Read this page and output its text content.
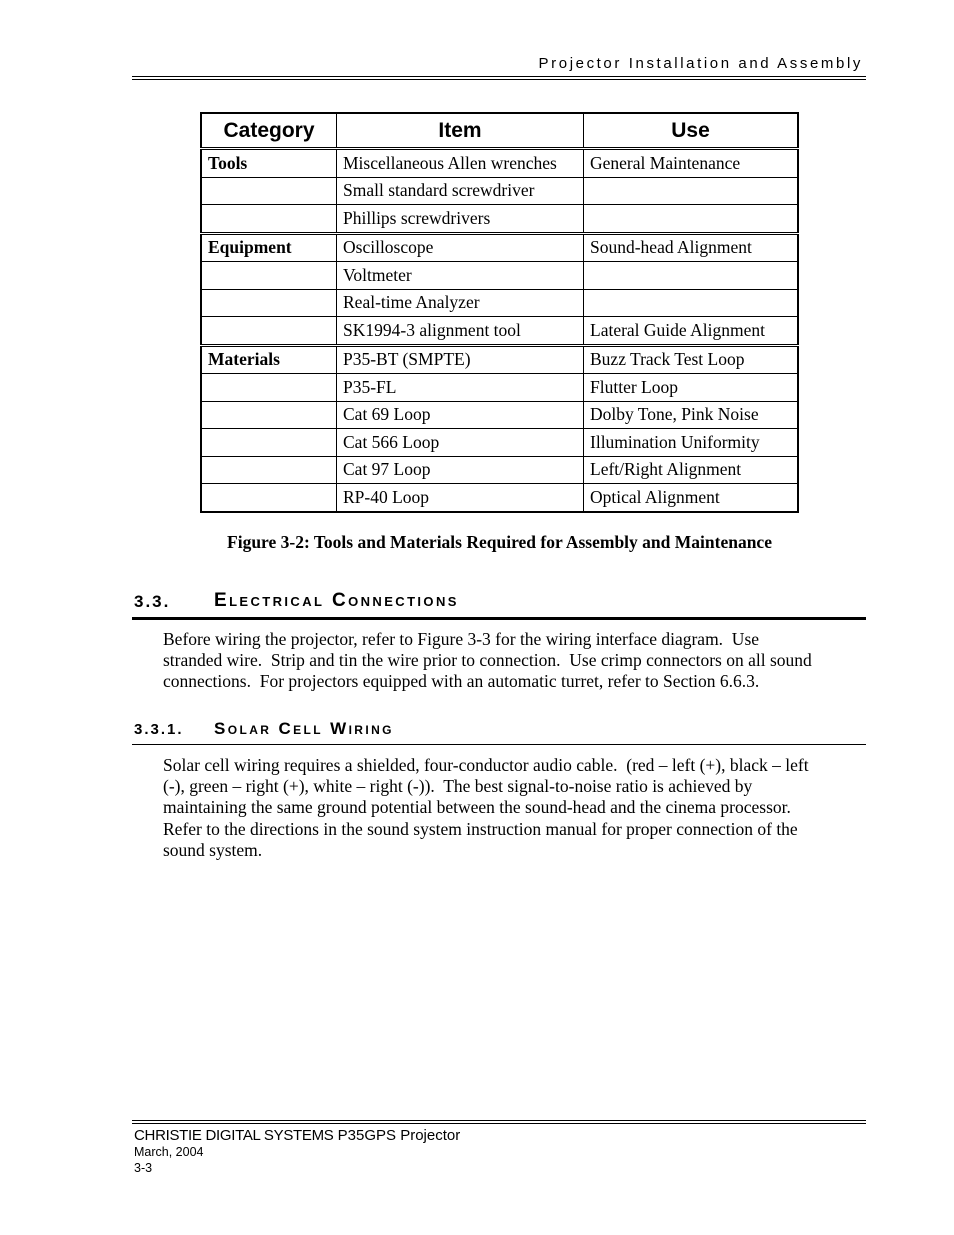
Projector Installation and Assembly
Category	Item	Use
Tools	Miscellaneous Allen wrenches	General Maintenance
	Small standard screwdriver	
	Phillips screwdrivers	
Equipment	Oscilloscope	Sound-head Alignment
	Voltmeter	
	Real-time Analyzer	
	SK1994-3 alignment tool	Lateral Guide Alignment
Materials	P35-BT (SMPTE)	Buzz Track Test Loop
	P35-FL	Flutter Loop
	Cat 69 Loop	Dolby Tone, Pink Noise
	Cat 566 Loop	Illumination Uniformity
	Cat 97 Loop	Left/Right Alignment
	RP-40 Loop	Optical Alignment
Figure 3-2: Tools and Materials Required for Assembly and Maintenance
3.3. Electrical Connections
Before wiring the projector, refer to Figure 3-3 for the wiring interface diagram.  Use
stranded wire.  Strip and tin the wire prior to connection.  Use crimp connectors on all sound
connections.  For projectors equipped with an automatic turret, refer to Section 6.6.3.
3.3.1. Solar Cell Wiring
Solar cell wiring requires a shielded, four-conductor audio cable.  (red – left (+), black – left
(-), green – right (+), white – right (-)).  The best signal-to-noise ratio is achieved by
maintaining the same ground potential between the sound-head and the cinema processor.
Refer to the directions in the sound system instruction manual for proper connection of the
sound system.
CHRISTIE DIGITAL SYSTEMS P35GPS Projector
March, 2004
3-3
